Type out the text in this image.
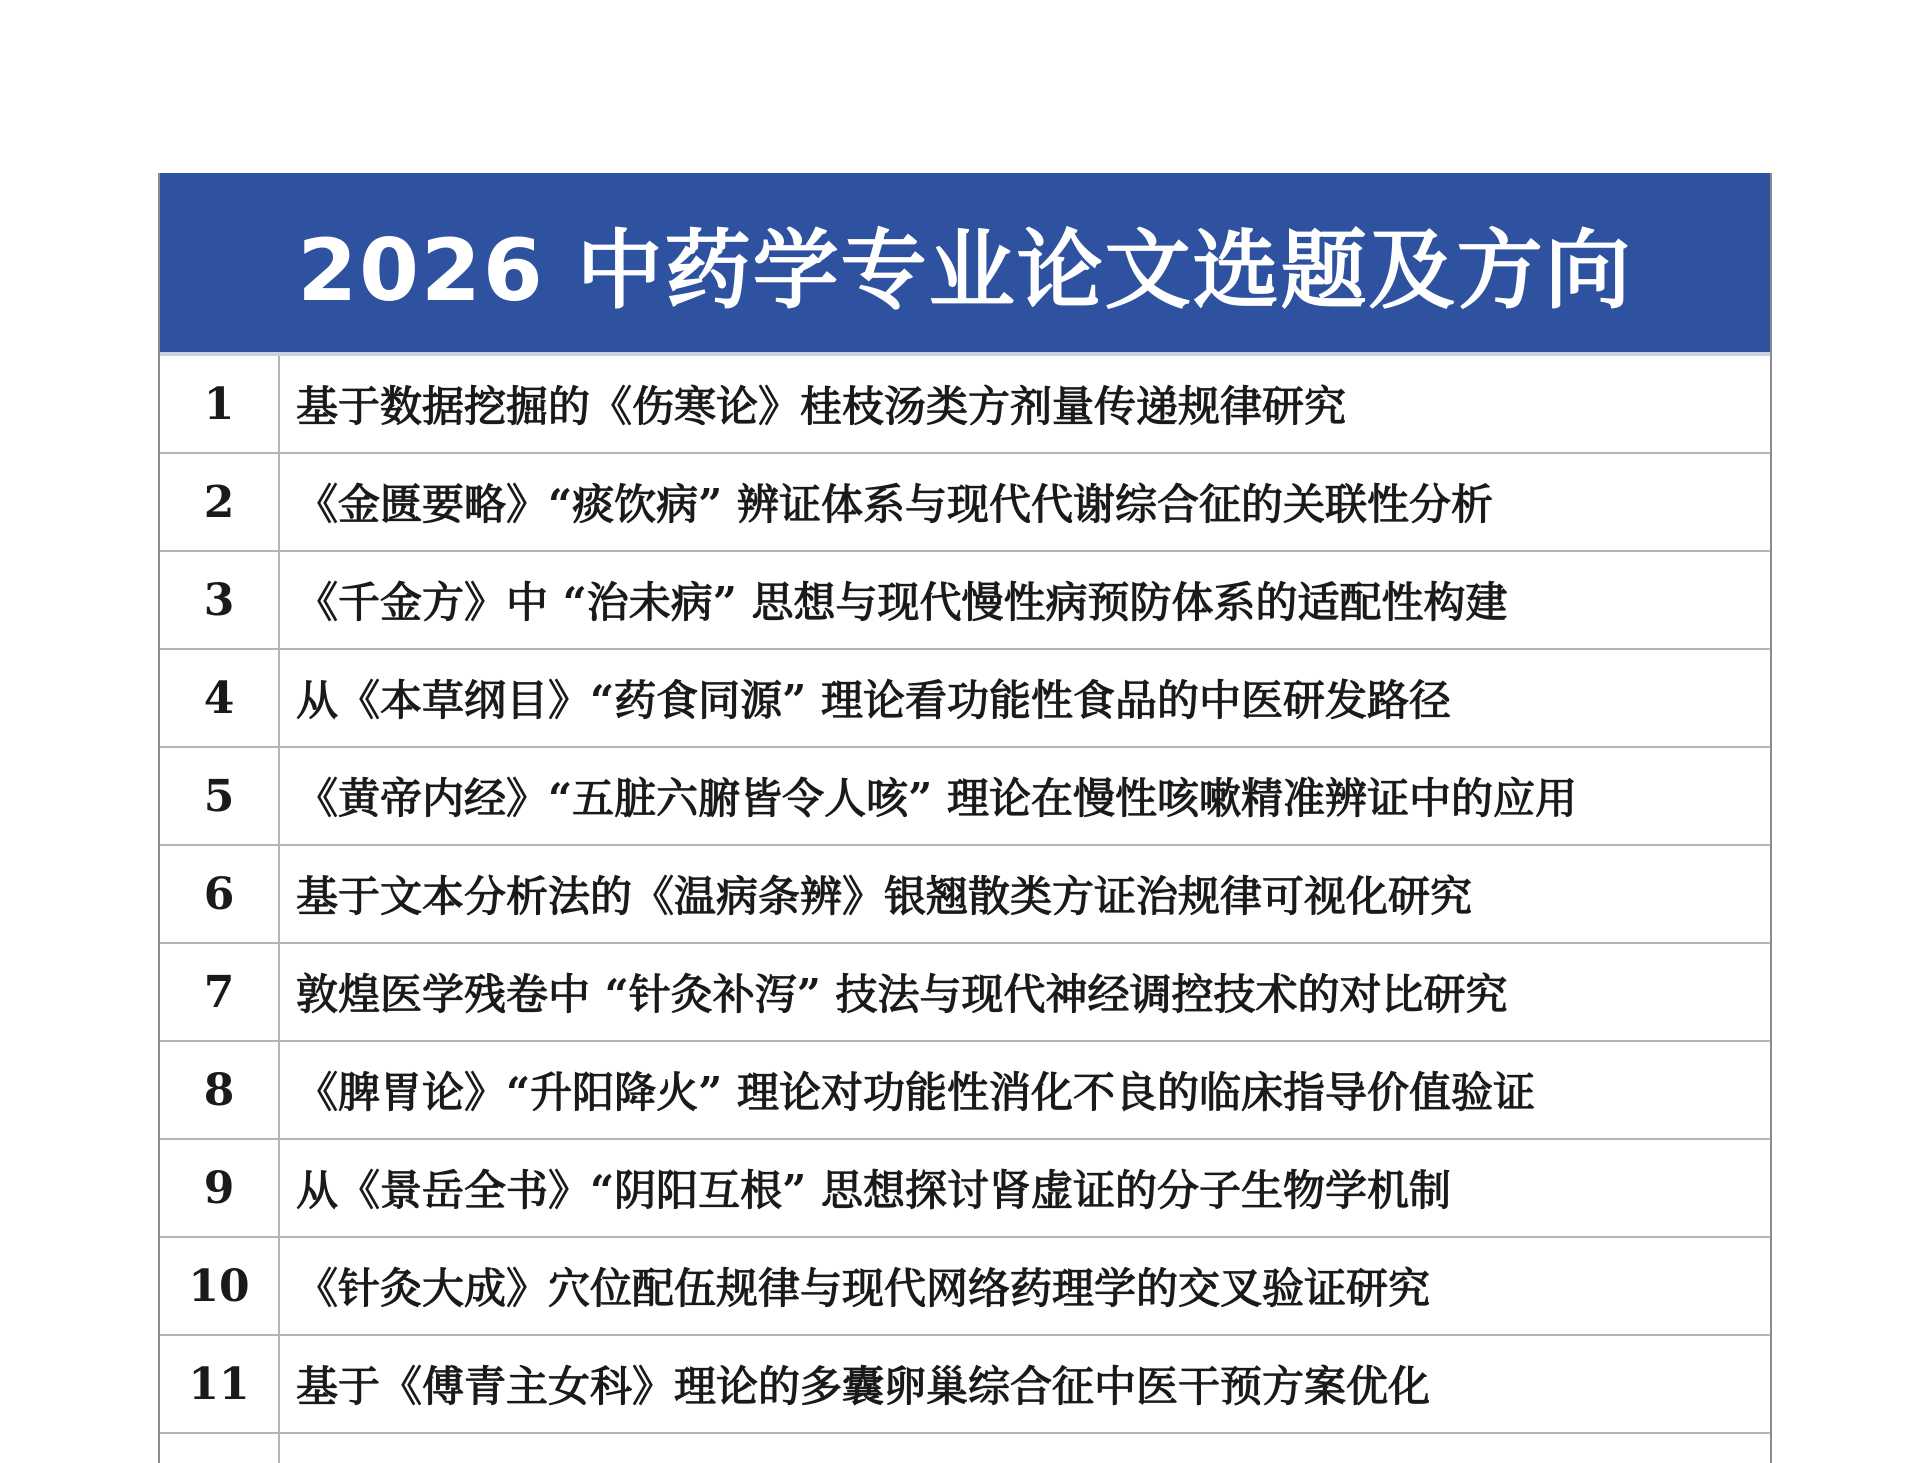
2026 中药学专业论文选题及方向
1	基于数据挖掘的《伤寒论》桂枝汤类方剂量传递规律研究
2	《金匮要略》“痰饮病” 辨证体系与现代代谢综合征的关联性分析
3	《千金方》中 “治未病” 思想与现代慢性病预防体系的适配性构建
4	从《本草纲目》“药食同源” 理论看功能性食品的中医研发路径
5	《黄帝内经》“五脏六腑皆令人咳” 理论在慢性咳嗽精准辨证中的应用
6	基于文本分析法的《温病条辨》银翘散类方证治规律可视化研究
7	敦煌医学残卷中 “针灸补泻” 技法与现代神经调控技术的对比研究
8	《脾胃论》“升阳降火” 理论对功能性消化不良的临床指导价值验证
9	从《景岳全书》“阴阳互根” 思想探讨肾虚证的分子生物学机制
10	《针灸大成》穴位配伍规律与现代网络药理学的交叉验证研究
11	基于《傅青主女科》理论的多囊卵巢综合征中医干预方案优化
